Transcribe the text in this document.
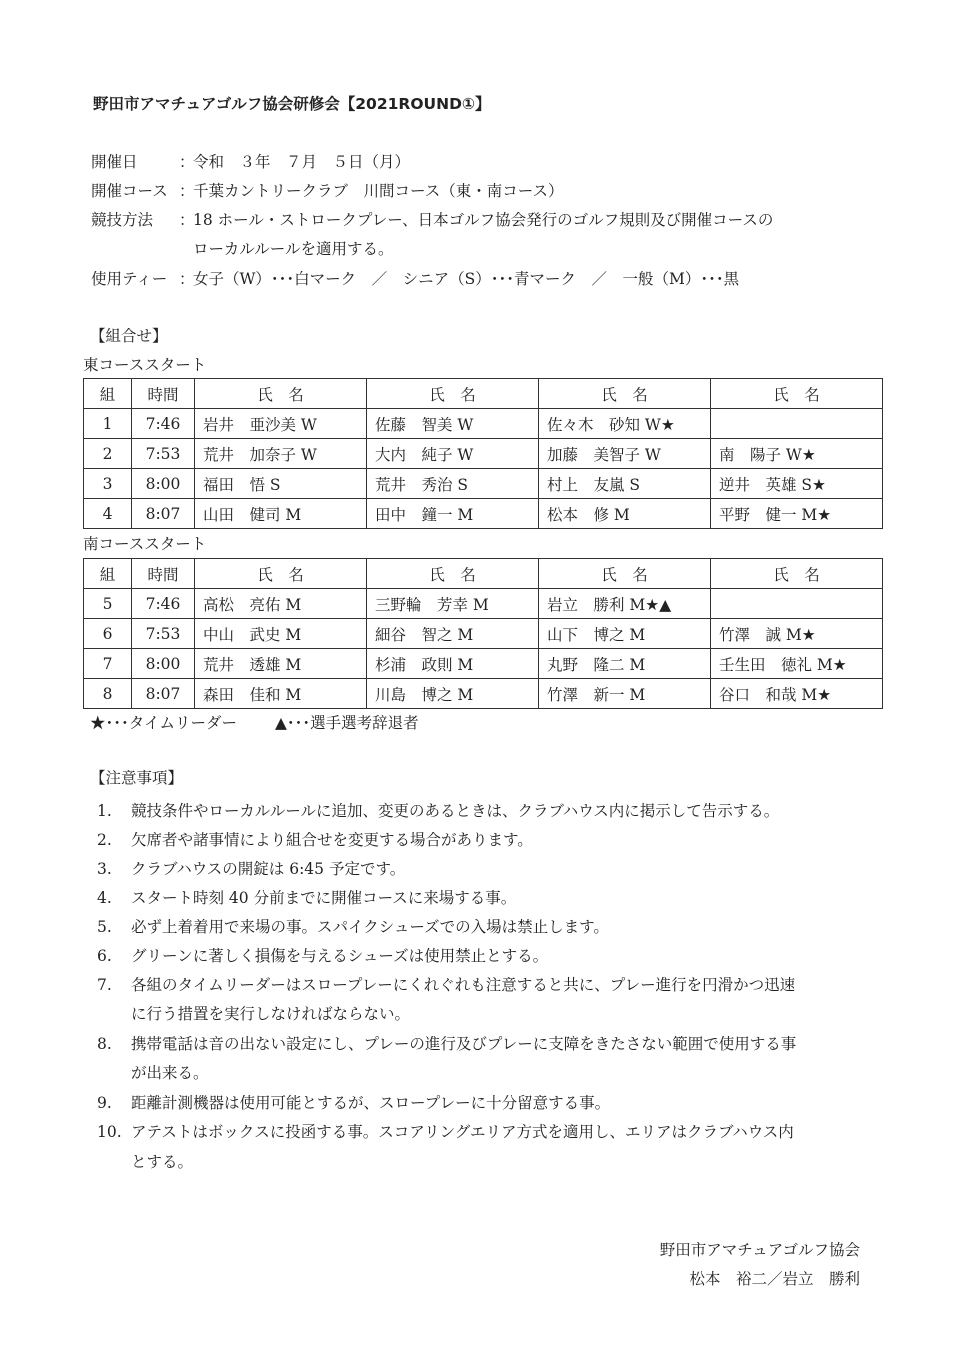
野田市アマチュアゴルフ協会研修会【2021ROUND①】
開催日	：令和　３年　７月　５日（月）
開催コース ：千葉カントリークラブ　川間コース（東・南コース）
競技方法 ：18 ホール・ストロークプレー、日本ゴルフ協会発行のゴルフ規則及び開催コースの
ローカルルールを適用する。
使用ティー ：女子（W）･･･白マーク　／　シニア（S）･･･青マーク　／　一般（M）･･･黒
【組合せ】
東コーススタート
組	時間	氏　名	氏　名	氏　名	氏　名
1	7:46	岩井　亜沙美 W	佐藤　智美 W	佐々木　砂知 W★	
2	7:53	荒井　加奈子 W	大内　純子 W	加藤　美智子 W	南　陽子 W★
3	8:00	福田　悟 S	荒井　秀治 S	村上　友嵐 S	逆井　英雄 S★
4	8:07	山田　健司 M	田中　鐘一 M	松本　修 M	平野　健一 M★
南コーススタート
組	時間	氏　名	氏　名	氏　名	氏　名
5	7:46	高松　亮佑 M	三野輪　芳幸 M	岩立　勝利 M★▲	
6	7:53	中山　武史 M	細谷　智之 M	山下　博之 M	竹澤　誠 M★
7	8:00	荒井　透雄 M	杉浦　政則 M	丸野　隆二 M	壬生田　徳礼 M★
8	8:07	森田　佳和 M	川島　博之 M	竹澤　新一 M	谷口　和哉 M★
★･･･タイムリーダー ▲･･･選手選考辞退者
【注意事項】
1. 競技条件やローカルルールに追加、変更のあるときは、クラブハウス内に掲示して告示する。
2. 欠席者や諸事情により組合せを変更する場合があります。
3. クラブハウスの開錠は 6:45 予定です。
4. スタート時刻 40 分前までに開催コースに来場する事。
5. 必ず上着着用で来場の事。スパイクシューズでの入場は禁止します。
6. グリーンに著しく損傷を与えるシューズは使用禁止とする。
7. 各組のタイムリーダーはスロープレーにくれぐれも注意すると共に、プレー進行を円滑かつ迅速
に行う措置を実行しなければならない。
8. 携帯電話は音の出ない設定にし、プレーの進行及びプレーに支障をきたさない範囲で使用する事
が出来る。
9. 距離計測機器は使用可能とするが、スロープレーに十分留意する事。
10. アテストはボックスに投函する事。スコアリングエリア方式を適用し、エリアはクラブハウス内
とする。
野田市アマチュアゴルフ協会
松本　裕二／岩立　勝利
